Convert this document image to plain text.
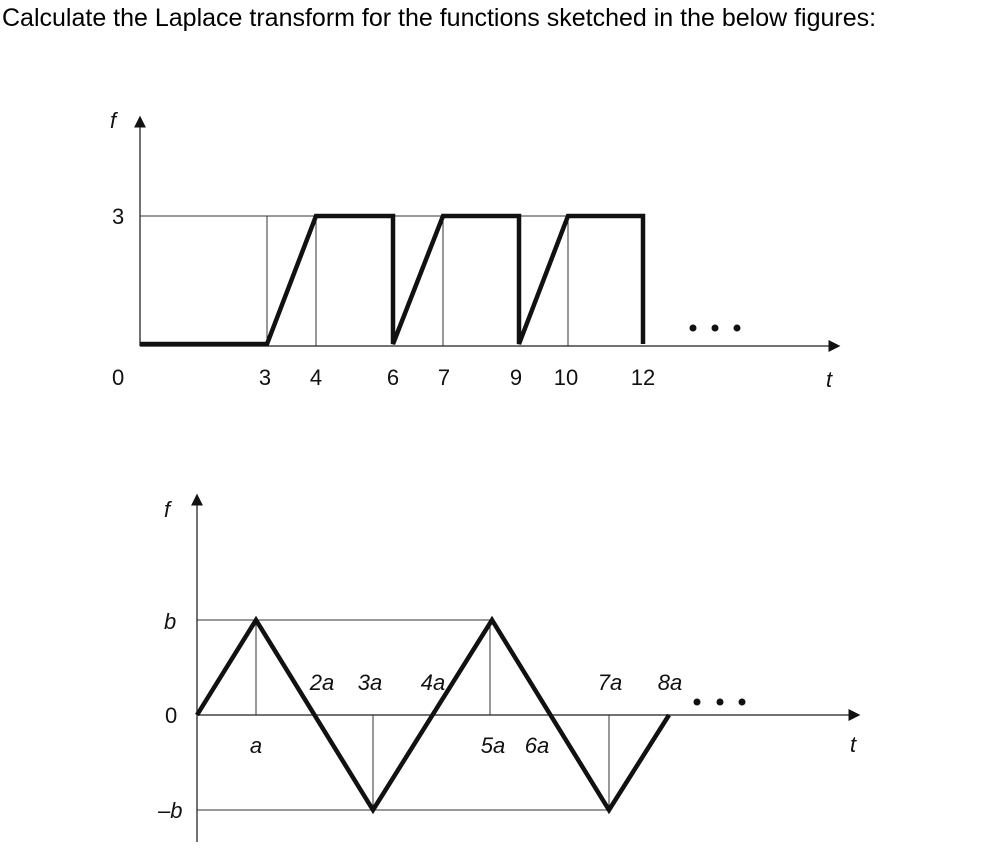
Calculate the Laplace transform for the functions sketched in the below figures:
f
3
0	t
3 4	6 7	9 10 12
f
b
0
–b
t
2a 3a 4a	7a 8a
a	5a 6a
